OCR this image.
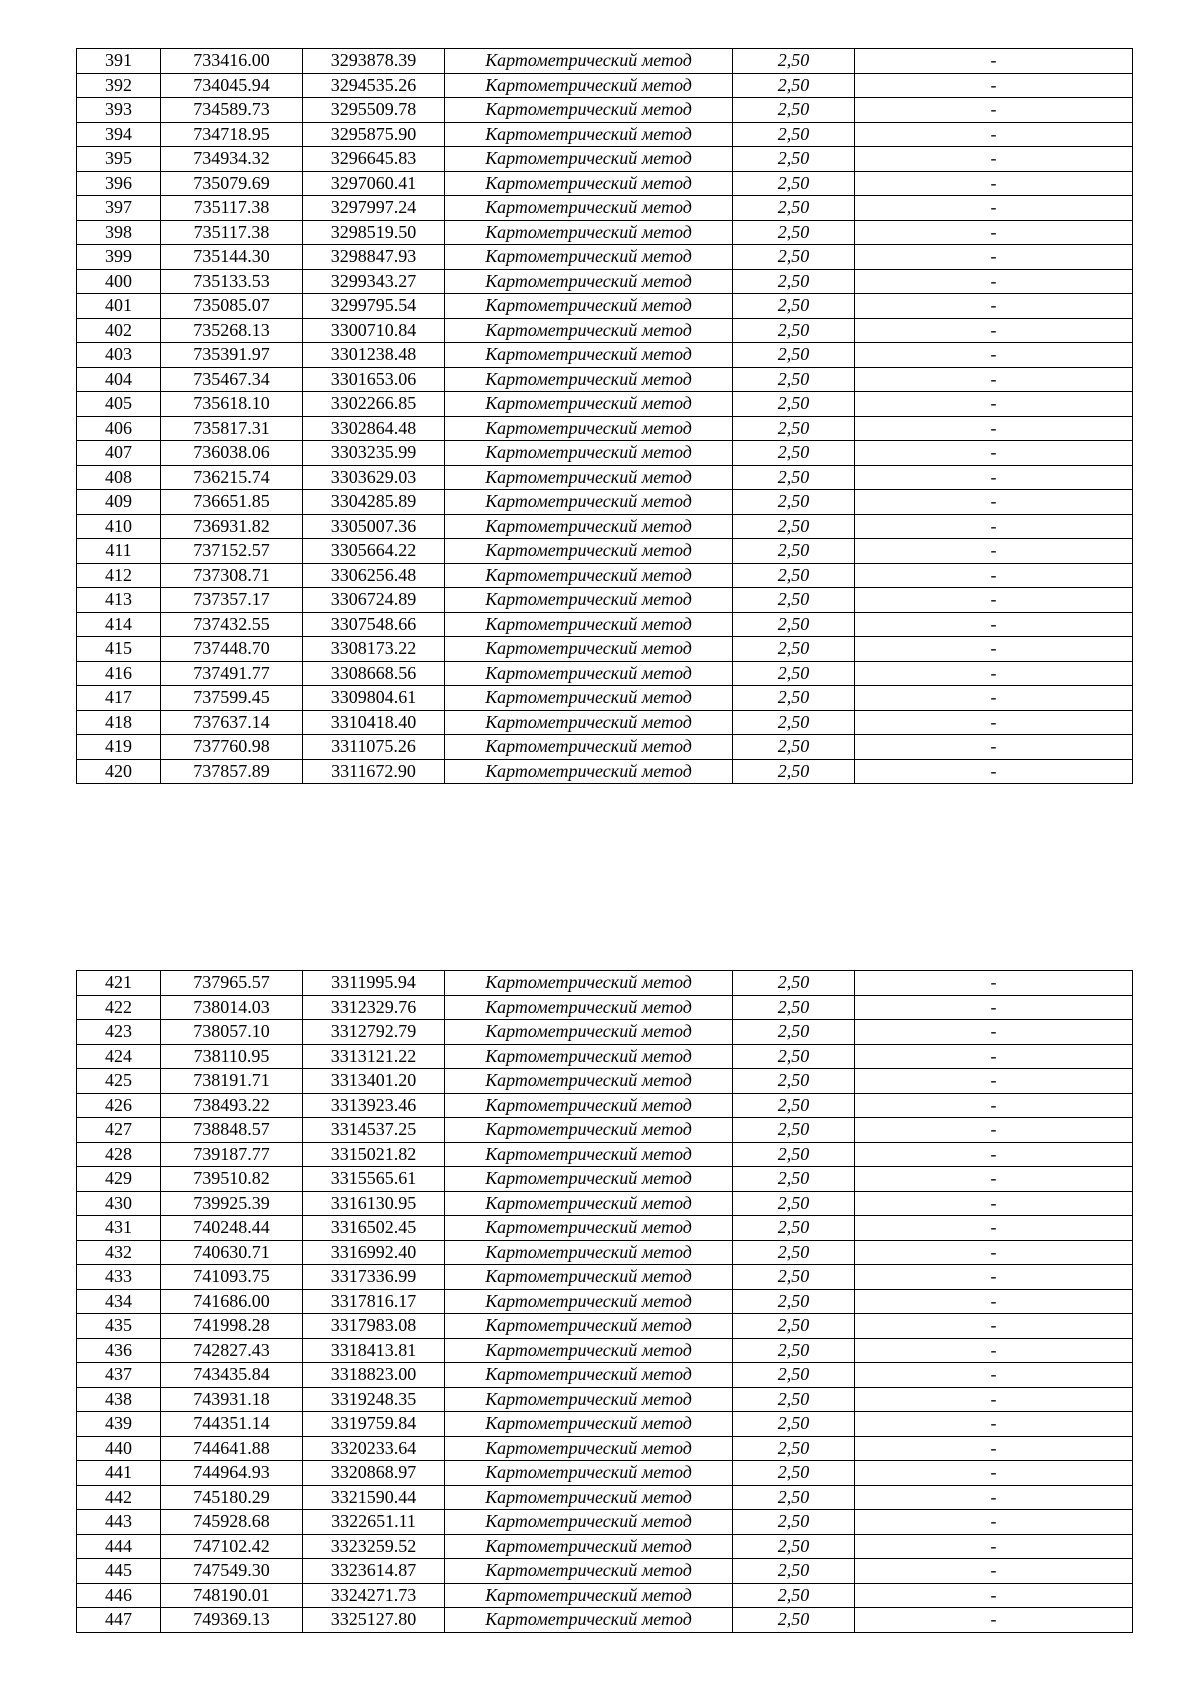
391	733416.00	3293878.39	Картометрический метод	2,50	-
392	734045.94	3294535.26	Картометрический метод	2,50	-
393	734589.73	3295509.78	Картометрический метод	2,50	-
394	734718.95	3295875.90	Картометрический метод	2,50	-
395	734934.32	3296645.83	Картометрический метод	2,50	-
396	735079.69	3297060.41	Картометрический метод	2,50	-
397	735117.38	3297997.24	Картометрический метод	2,50	-
398	735117.38	3298519.50	Картометрический метод	2,50	-
399	735144.30	3298847.93	Картометрический метод	2,50	-
400	735133.53	3299343.27	Картометрический метод	2,50	-
401	735085.07	3299795.54	Картометрический метод	2,50	-
402	735268.13	3300710.84	Картометрический метод	2,50	-
403	735391.97	3301238.48	Картометрический метод	2,50	-
404	735467.34	3301653.06	Картометрический метод	2,50	-
405	735618.10	3302266.85	Картометрический метод	2,50	-
406	735817.31	3302864.48	Картометрический метод	2,50	-
407	736038.06	3303235.99	Картометрический метод	2,50	-
408	736215.74	3303629.03	Картометрический метод	2,50	-
409	736651.85	3304285.89	Картометрический метод	2,50	-
410	736931.82	3305007.36	Картометрический метод	2,50	-
411	737152.57	3305664.22	Картометрический метод	2,50	-
412	737308.71	3306256.48	Картометрический метод	2,50	-
413	737357.17	3306724.89	Картометрический метод	2,50	-
414	737432.55	3307548.66	Картометрический метод	2,50	-
415	737448.70	3308173.22	Картометрический метод	2,50	-
416	737491.77	3308668.56	Картометрический метод	2,50	-
417	737599.45	3309804.61	Картометрический метод	2,50	-
418	737637.14	3310418.40	Картометрический метод	2,50	-
419	737760.98	3311075.26	Картометрический метод	2,50	-
420	737857.89	3311672.90	Картометрический метод	2,50	-
421	737965.57	3311995.94	Картометрический метод	2,50	-
422	738014.03	3312329.76	Картометрический метод	2,50	-
423	738057.10	3312792.79	Картометрический метод	2,50	-
424	738110.95	3313121.22	Картометрический метод	2,50	-
425	738191.71	3313401.20	Картометрический метод	2,50	-
426	738493.22	3313923.46	Картометрический метод	2,50	-
427	738848.57	3314537.25	Картометрический метод	2,50	-
428	739187.77	3315021.82	Картометрический метод	2,50	-
429	739510.82	3315565.61	Картометрический метод	2,50	-
430	739925.39	3316130.95	Картометрический метод	2,50	-
431	740248.44	3316502.45	Картометрический метод	2,50	-
432	740630.71	3316992.40	Картометрический метод	2,50	-
433	741093.75	3317336.99	Картометрический метод	2,50	-
434	741686.00	3317816.17	Картометрический метод	2,50	-
435	741998.28	3317983.08	Картометрический метод	2,50	-
436	742827.43	3318413.81	Картометрический метод	2,50	-
437	743435.84	3318823.00	Картометрический метод	2,50	-
438	743931.18	3319248.35	Картометрический метод	2,50	-
439	744351.14	3319759.84	Картометрический метод	2,50	-
440	744641.88	3320233.64	Картометрический метод	2,50	-
441	744964.93	3320868.97	Картометрический метод	2,50	-
442	745180.29	3321590.44	Картометрический метод	2,50	-
443	745928.68	3322651.11	Картометрический метод	2,50	-
444	747102.42	3323259.52	Картометрический метод	2,50	-
445	747549.30	3323614.87	Картометрический метод	2,50	-
446	748190.01	3324271.73	Картометрический метод	2,50	-
447	749369.13	3325127.80	Картометрический метод	2,50	-
